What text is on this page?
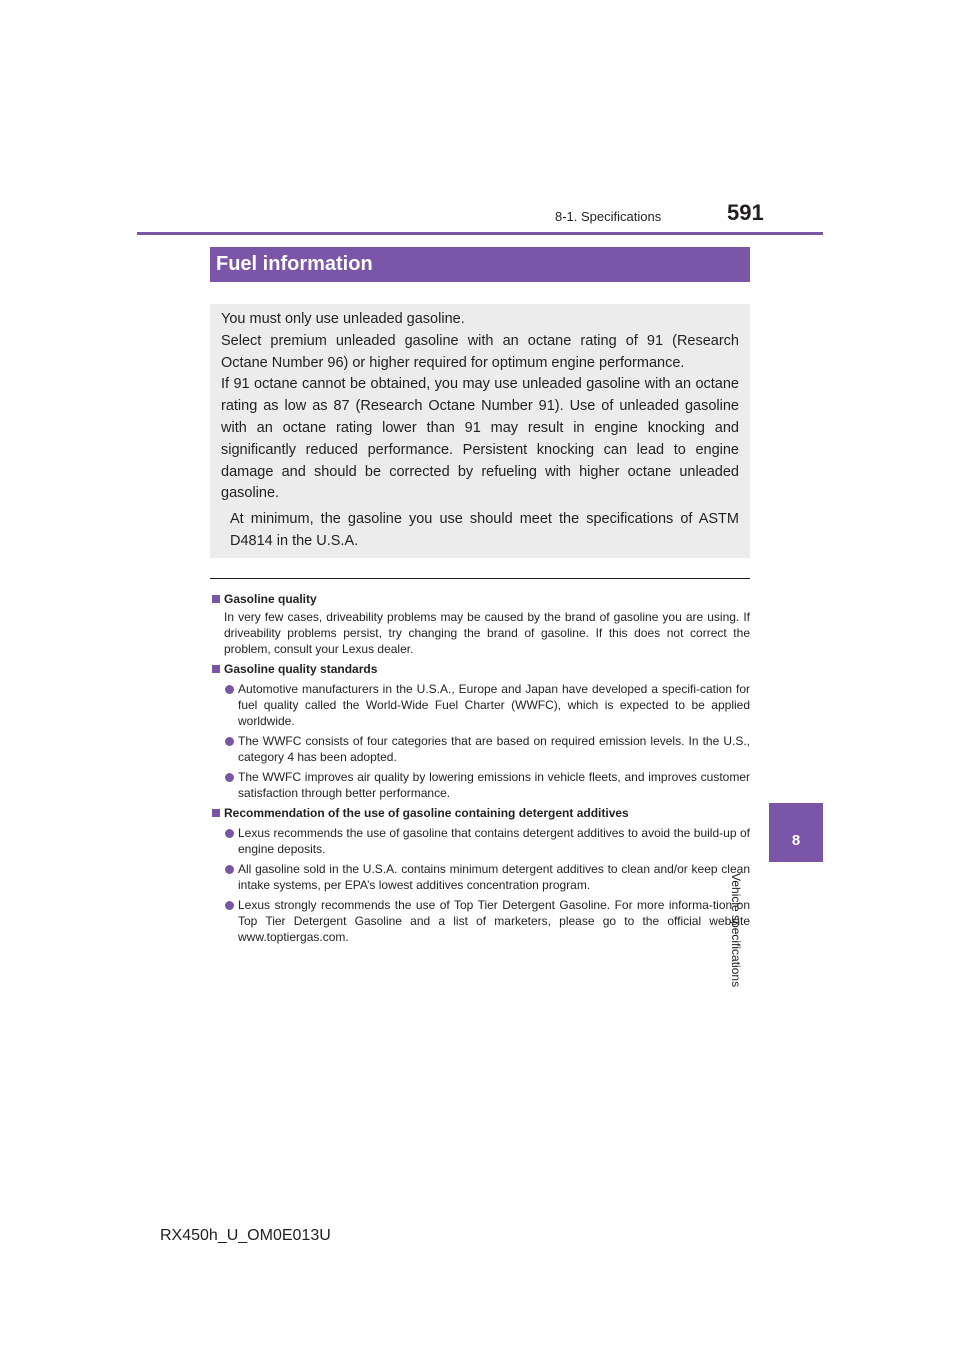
8-1. Specifications	591
8
Vehicle specifications
Fuel information

You must only use unleaded gasoline.

Select premium unleaded gasoline with an octane rating of 91 (Research Octane Number 96) or higher required for optimum engine performance.

If 91 octane cannot be obtained, you may use unleaded gasoline with an octane rating as low as 87 (Research Octane Number 91). Use of unleaded gasoline with an octane rating lower than 91 may result in engine knocking and significantly reduced performance. Persistent knocking can lead to engine damage and should be corrected by refueling with higher octane unleaded gasoline.

At minimum, the gasoline you use should meet the specifications of ASTM D4814 in the U.S.A.

Gasoline quality
In very few cases, driveability problems may be caused by the brand of gasoline you are using. If driveability problems persist, try changing the brand of gasoline. If this does not correct the problem, consult your Lexus dealer.
Gasoline quality standards
Automotive manufacturers in the U.S.A., Europe and Japan have developed a specifi-cation for fuel quality called the World-Wide Fuel Charter (WWFC), which is expected to be applied worldwide.
The WWFC consists of four categories that are based on required emission levels. In the U.S., category 4 has been adopted.
The WWFC improves air quality by lowering emissions in vehicle fleets, and improves customer satisfaction through better performance.
Recommendation of the use of gasoline containing detergent additives
Lexus recommends the use of gasoline that contains detergent additives to avoid the build-up of engine deposits.
All gasoline sold in the U.S.A. contains minimum detergent additives to clean and/or keep clean intake systems, per EPA’s lowest additives concentration program.
Lexus strongly recommends the use of Top Tier Detergent Gasoline. For more informa-tion on Top Tier Detergent Gasoline and a list of marketers, please go to the official website www.toptiergas.com.
RX450h_U_OM0E013U
